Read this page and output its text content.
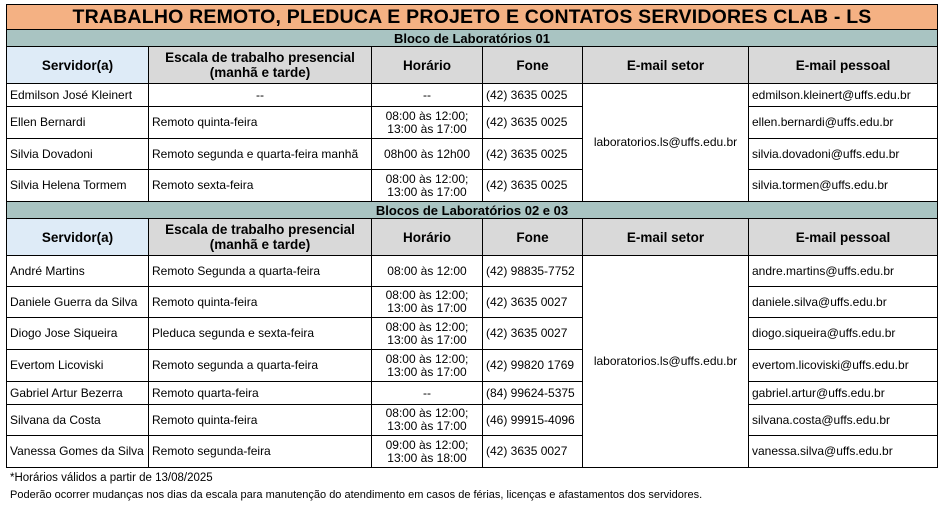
TRABALHO REMOTO, PLEDUCA E PROJETO E CONTATOS SERVIDORES CLAB - LS					
Bloco de Laboratórios 01					
Servidor(a)	Escala de trabalho presencial
(manhã e tarde)	Horário	Fone	E-mail setor	E-mail pessoal
Edmilson José Kleinert	--	--	(42) 3635 0025	laboratorios.ls@uffs.edu.br	edmilson.kleinert@uffs.edu.br
Ellen Bernardi	Remoto quinta-feira	08:00 às 12:00;
13:00 às 17:00	(42) 3635 0025		ellen.bernardi@uffs.edu.br
Silvia Dovadoni	Remoto segunda e quarta-feira manhã	08h00 às 12h00	(42) 3635 0025		silvia.dovadoni@uffs.edu.br
Silvia Helena Tormem	Remoto sexta-feira	08:00 às 12:00;
13:00 às 17:00	(42) 3635 0025		silvia.tormen@uffs.edu.br
Blocos de Laboratórios 02 e 03					
Servidor(a)	Escala de trabalho presencial
(manhã e tarde)	Horário	Fone	E-mail setor	E-mail pessoal
André Martins	Remoto Segunda a quarta-feira	08:00 às 12:00	(42) 98835-7752	laboratorios.ls@uffs.edu.br	andre.martins@uffs.edu.br
Daniele Guerra da Silva	Remoto quinta-feira	08:00 às 12:00;
13:00 às 17:00	(42) 3635 0027		daniele.silva@uffs.edu.br
Diogo Jose Siqueira	Pleduca segunda e sexta-feira	08:00 às 12:00;
13:00 às 17:00	(42) 3635 0027		diogo.siqueira@uffs.edu.br
Evertom Licoviski	Remoto segunda a quarta-feira	08:00 às 12:00;
13:00 às 17:00	(42) 99820 1769		evertom.licoviski@uffs.edu.br
Gabriel Artur Bezerra	Remoto quarta-feira	--	(84) 99624-5375		gabriel.artur@uffs.edu.br
Silvana da Costa	Remoto quinta-feira	08:00 às 12:00;
13:00 às 17:00	(46) 99915-4096		silvana.costa@uffs.edu.br
Vanessa Gomes da Silva	Remoto segunda-feira	09:00 às 12:00;
13:00 às 18:00	(42) 3635 0027		vanessa.silva@uffs.edu.br
*Horários válidos a partir de 13/08/2025
Poderão ocorrer mudanças nos dias da escala para manutenção do atendimento em casos de férias, licenças e afastamentos dos servidores.
